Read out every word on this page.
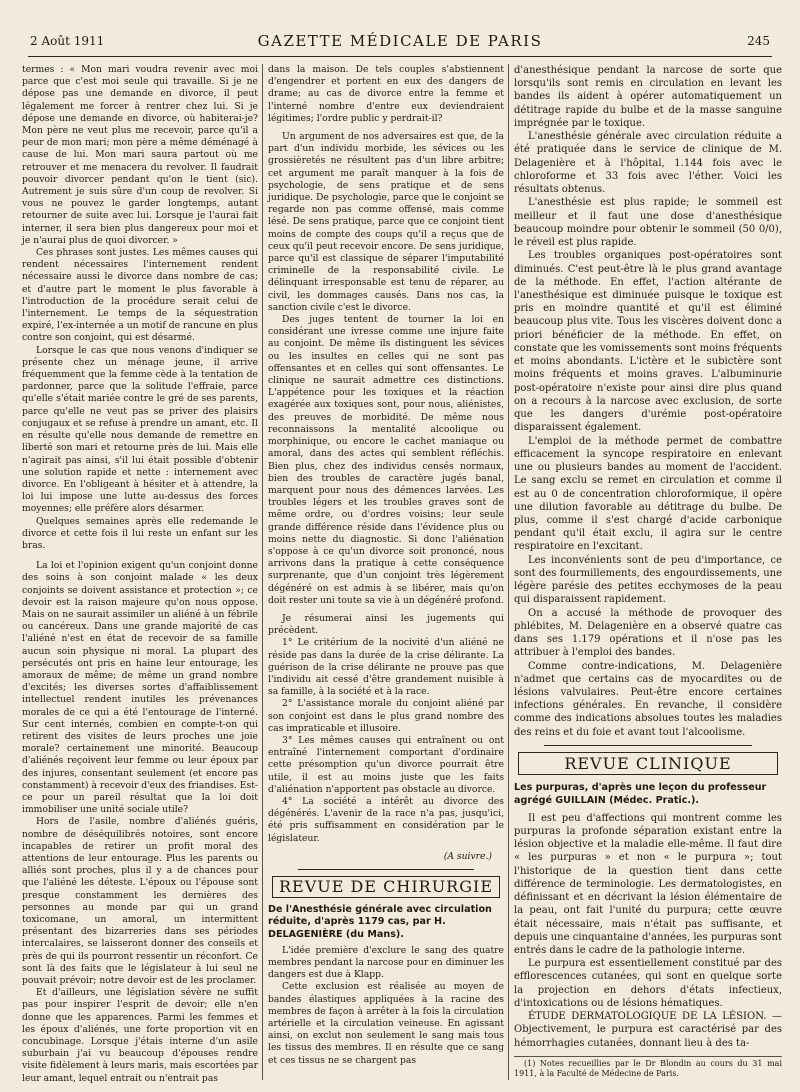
2 Août 1911	GAZETTE MÉDICALE DE PARIS	245

termes : « Mon mari voudra revenir avec moi parce que c'est moi seule qui travaille. Si je ne dépose pas une demande en divorce, il peut légalement me forcer à rentrer chez lui. Si je dépose une demande en divorce, où habiterai-je? Mon père ne veut plus me recevoir, parce qu'il a peur de mon mari; mon père a même déménagé à cause de lui. Mon mari saura partout où me retrouver et me menacera du revolver. Il faudrait pouvoir divorcer pendant qu'on le tient (sic). Autrement je suis sûre d'un coup de revolver. Si vous ne pouvez le garder longtemps, autant retourner de suite avec lui. Lorsque je l'aurai fait interner, il sera bien plus dangereux pour moi et je n'aurai plus de quoi divorcer. »

Ces phrases sont justes. Les mêmes causes qui rendent nécessaires l'internement rendent nécessaire aussi le divorce dans nombre de cas; et d'autre part le moment le plus favorable à l'introduction de la procédure serait celui de l'internement. Le temps de la séquestration expiré, l'ex-internée a un motif de rancune en plus contre son conjoint, qui est désarmé.

Lorsque le cas que nous venons d'indiquer se présente chez un ménage jeune, il arrive fréquemment que la femme cède à la tentation de pardonner, parce que la solitude l'effraie, parce qu'elle s'était mariée contre le gré de ses parents, parce qu'elle ne veut pas se priver des plaisirs conjugaux et se refuse à prendre un amant, etc. Il en résulte qu'elle nous demande de remettre en liberté son mari et retourne près de lui. Mais elle n'agirait pas ainsi, s'il lui était possible d'obtenir une solution rapide et nette : internement avec divorce. En l'obligeant à hésiter et à attendre, la loi lui impose une lutte au-dessus des forces moyennes; elle préfère alors désarmer.

Quelques semaines après elle redemande le divorce et cette fois il lui reste un enfant sur les bras.

La loi et l'opinion exigent qu'un conjoint donne des soins à son conjoint malade « les deux conjoints se doivent assistance et protection »; ce devoir est la raison majeure qu'on nous oppose. Mais on ne saurait assimiler un aliéné à un fébrile ou cancéreux. Dans une grande majorité de cas l'aliéné n'est en état de recevoir de sa famille aucun soin physique ni moral. La plupart des persécutés ont pris en haine leur entourage, les amoraux de même; de même un grand nombre d'excités; les diverses sortes d'affaiblissement intellectuel rendent inutiles les prévenances morales de ce qui a été l'entourage de l'interné. Sur cent internés, combien en compte-t-on qui retirent des visites de leurs proches une joie morale? certainement une minorité. Beaucoup d'aliénés reçoivent leur femme ou leur époux par des injures, consentant seulement (et encore pas constamment) à recevoir d'eux des friandises. Est-ce pour un pareil résultat que la loi doit immobiliser une unité sociale utile?

Hors de l'asile, nombre d'aliénés guéris, nombre de déséquilibrés notoires, sont encore incapables de retirer un profit moral des attentions de leur entourage. Plus les parents ou alliés sont proches, plus il y a de chances pour que l'aliéné les déteste. L'époux ou l'épouse sont presque constamment les dernières des personnes au monde par qui un grand toxicomane, un amoral, un intermittent présentant des bizarreries dans ses périodes intercalaires, se laisseront donner des conseils et près de qui ils pourront ressentir un réconfort. Ce sont là des faits que le législateur à lui seul ne pouvait prévoir; notre devoir est de les proclamer.

Et d'ailleurs, une législation sévère ne suffit pas pour inspirer l'esprit de devoir; elle n'en donne que les apparences. Parmi les femmes et les époux d'aliénés, une forte proportion vit en concubinage. Lorsque j'étais interne d'un asile suburbain j'ai vu beaucoup d'épouses rendre visite fidèlement à leurs maris, mais escortées par leur amant, lequel entrait ou n'entrait pas

dans la maison. De tels couples s'abstiennent d'engendrer et portent en eux des dangers de drame; au cas de divorce entre la femme et l'interné nombre d'entre eux deviendraient légitimes; l'ordre public y perdrait-il?

Un argument de nos adversaires est que, de la part d'un individu morbide, les sévices ou les grossièretés ne résultent pas d'un libre arbitre; cet argument me paraît manquer à la fois de psychologie, de sens pratique et de sens juridique. De psychologie, parce que le conjoint se regarde non pas comme offensé, mais comme lésé. De sens pratique, parce que ce conjoint tient moins de compte des coups qu'il a reçus que de ceux qu'il peut recevoir encore. De sens juridique, parce qu'il est classique de séparer l'imputabilité criminelle de la responsabilité civile. Le délinquant irresponsable est tenu de réparer, au civil, les dommages causés. Dans nos cas, la sanction civile c'est le divorce.

Des juges tentent de tourner la loi en considérant une ivresse comme une injure faite au conjoint. De même ils distinguent les sévices ou les insultes en celles qui ne sont pas offensantes et en celles qui sont offensantes. Le clinique ne saurait admettre ces distinctions. L'appétence pour les toxiques et la réaction exagérée aux toxiques sont, pour nous, aliénistes, des preuves de morbidité. De même nous reconnaissons la mentalité alcoolique ou morphinique, ou encore le cachet maniaque ou amoral, dans des actes qui semblent réfléchis. Bien plus, chez des individus censés normaux, bien des troubles de caractère jugés banal, marquent pour nous des démences larvées. Les troubles légers et les troubles graves sont de même ordre, ou d'ordres voisins; leur seule grande différence réside dans l'évidence plus ou moins nette du diagnostic. Si donc l'aliénation s'oppose à ce qu'un divorce soit prononcé, nous arrivons dans la pratique à cette conséquence surprenante, que d'un conjoint très légèrement dégénéré on est admis à se libérer, mais qu'on doit rester uni toute sa vie à un dégénéré profond.

Je résumerai ainsi les jugements qui précèdent.

1° Le critérium de la nocivité d'un aliéné ne réside pas dans la durée de la crise délirante. La guérison de la crise délirante ne prouve pas que l'individu ait cessé d'être grandement nuisible à sa famille, à la société et à la race.

2° L'assistance morale du conjoint aliéné par son conjoint est dans le plus grand nombre des cas impraticable et illusoire.

3° Les mêmes causes qui entraînent ou ont entraîné l'internement comportant d'ordinaire cette présomption qu'un divorce pourrait être utile, il est au moins juste que les faits d'aliénation n'apportent pas obstacle au divorce.

4° La société a intérêt au divorce des dégénérés. L'avenir de la race n'a pas, jusqu'ici, été pris suffisamment en considération par le législateur.

(A suivre.)
REVUE DE CHIRURGIE
De l'Anesthésie générale avec circulation réduite, d'après 1179 cas, par H. DELAGENIÈRE (du Mans).

L'idée première d'exclure le sang des quatre membres pendant la narcose pour en diminuer les dangers est due à Klapp.

Cette exclusion est réalisée au moyen de bandes élastiques appliquées à la racine des membres de façon à arrêter à la fois la circulation artérielle et la circulation veineuse. En agissant ainsi, on exclut non seulement le sang mais tous les tissus des membres. Il en résulte que ce sang et ces tissus ne se chargent pas

d'anesthésique pendant la narcose de sorte que lorsqu'ils sont remis en circulation en levant les bandes ils aident à opérer automatiquement un détitrage rapide du bulbe et de la masse sanguine imprégnée par le toxique.

L'anesthésie générale avec circulation réduite a été pratiquée dans le service de clinique de M. Delagenière et à l'hôpital, 1.144 fois avec le chloroforme et 33 fois avec l'éther. Voici les résultats obtenus.

L'anesthésie est plus rapide; le sommeil est meilleur et il faut une dose d'anesthésique beaucoup moindre pour obtenir le sommeil (50 0/0), le réveil est plus rapide.

Les troubles organiques post-opératoires sont diminués. C'est peut-être là le plus grand avantage de la méthode. En effet, l'action altérante de l'anesthésique est diminuée puisque le toxique est pris en moindre quantité et qu'il est éliminé beaucoup plus vite. Tous les viscères doivent donc a priori bénéficier de la méthode. En effet, on constate que les vomissements sont moins fréquents et moins abondants. L'ictère et le subictère sont moins fréquents et moins graves. L'albuminurie post-opératoire n'existe pour ainsi dire plus quand on a recours à la narcose avec exclusion, de sorte que les dangers d'urémie post-opératoire disparaissent également.

L'emploi de la méthode permet de combattre efficacement la syncope respiratoire en enlevant une ou plusieurs bandes au moment de l'accident. Le sang exclu se remet en circulation et comme il est au 0 de concentration chloroformique, il opère une dilution favorable au détitrage du bulbe. De plus, comme il s'est chargé d'acide carbonique pendant qu'il était exclu, il agira sur le centre respiratoire en l'excitant.

Les inconvénients sont de peu d'importance, ce sont des fourmillements, des engourdissements, une légère parésie des petites ecchymoses de la peau qui disparaissent rapidement.

On a accusé la méthode de provoquer des phlébites, M. Delagenière en a observé quatre cas dans ses 1.179 opérations et il n'ose pas les attribuer à l'emploi des bandes.

Comme contre-indications, M. Delagenière n'admet que certains cas de myocardites ou de lésions valvulaires. Peut-être encore certaines infections générales. En revanche, il considère comme des indications absolues toutes les maladies des reins et du foie et avant tout l'alcoolisme.

REVUE CLINIQUE
Les purpuras, d'après une leçon du professeur agrégé GUILLAIN (Médec. Pratic.).

Il est peu d'affections qui montrent comme les purpuras la profonde séparation existant entre la lésion objective et la maladie elle-même. Il faut dire « les purpuras » et non « le purpura »; tout l'historique de la question tient dans cette différence de terminologie. Les dermatologistes, en définissant et en décrivant la lésion élémentaire de la peau, ont fait l'unité du purpura; cette œuvre était nécessaire, mais n'était pas suffisante, et depuis une cinquantaine d'années, les purpuras sont entrés dans le cadre de la pathologie interne.

Le purpura est essentiellement constitué par des efflorescences cutanées, qui sont en quelque sorte la projection en dehors d'états infectieux, d'intoxications ou de lésions hématiques.

ÉTUDE DERMATOLOGIQUE DE LA LÉSION. — Objectivement, le purpura est caractérisé par des hémorrhagies cutanées, donnant lieu à des ta-

(1) Notes recueillies par le Dr Blondin au cours du 31 mai 1911, à la Faculté de Médecine de Paris.
